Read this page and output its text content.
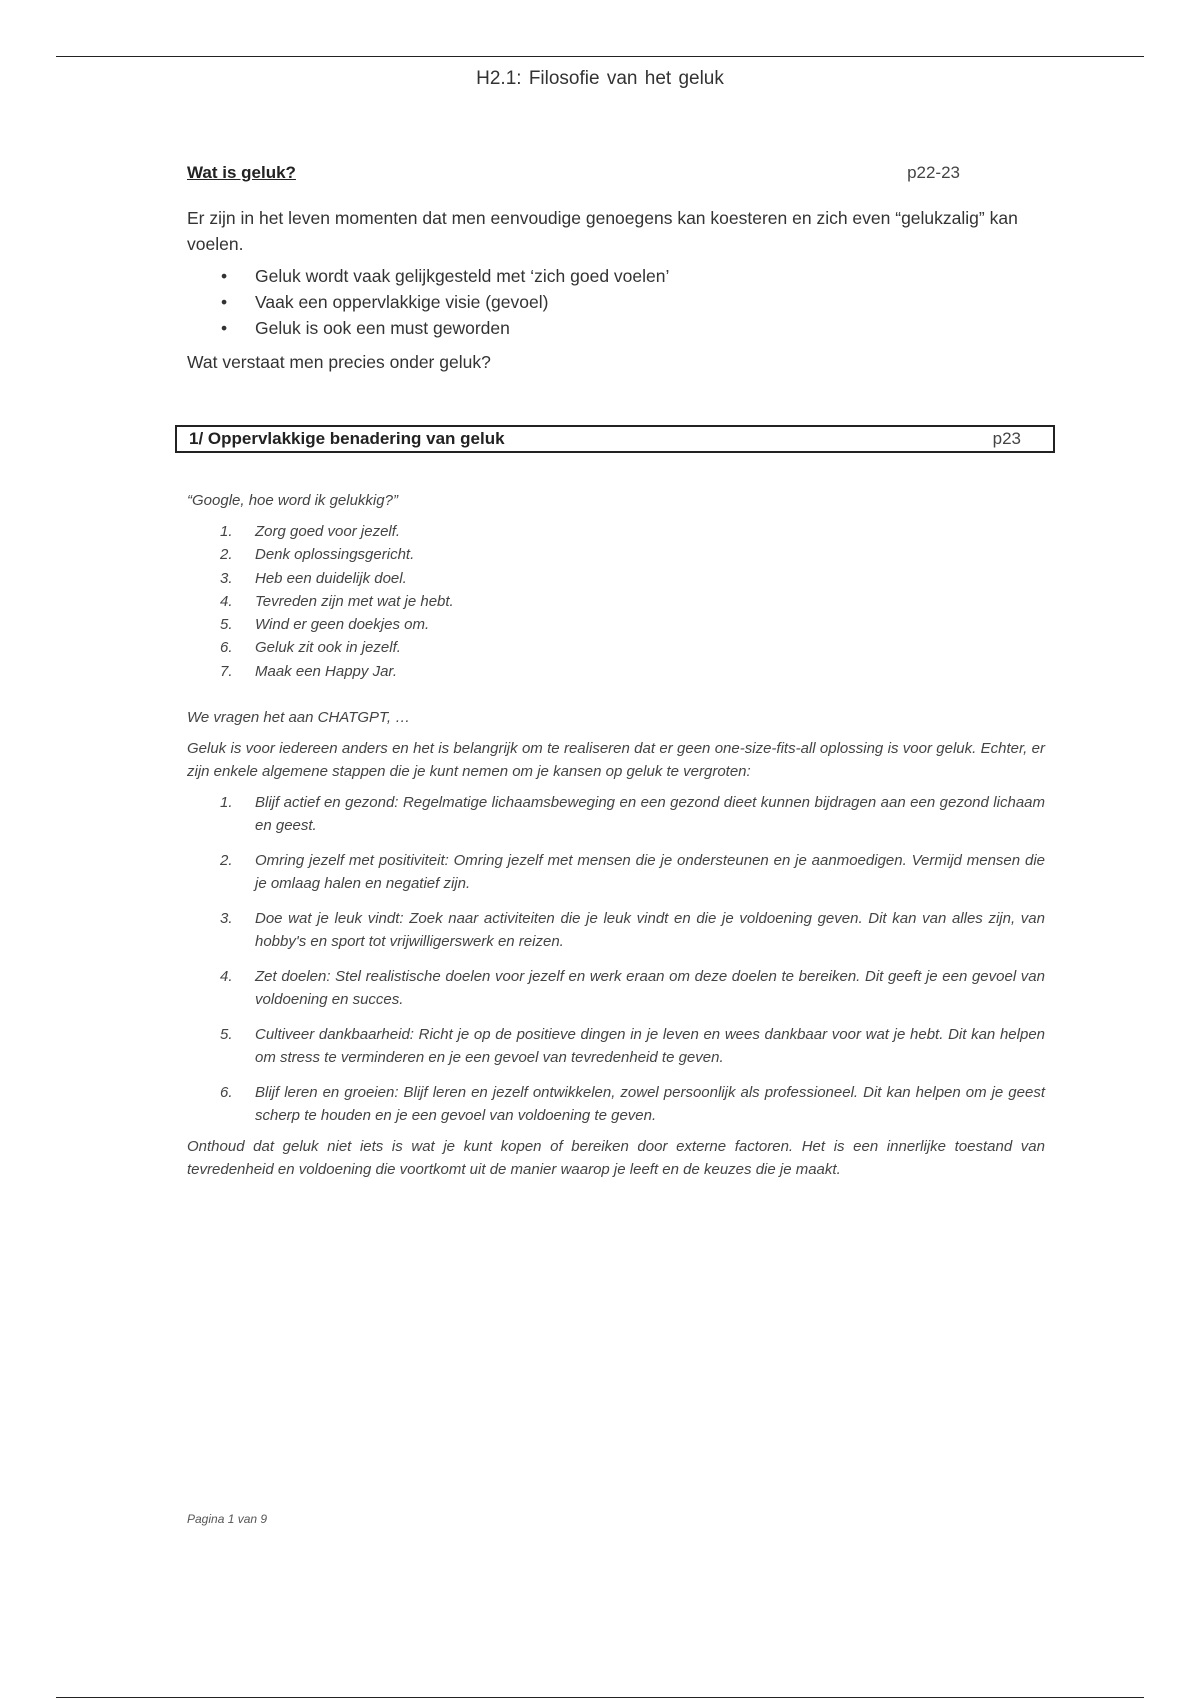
H2.1: Filosofie van het geluk
Wat is geluk?	p22-23
Er zijn in het leven momenten dat men eenvoudige genoegens kan koesteren en zich even “gelukzalig” kan voelen.
• Geluk wordt vaak gelijkgesteld met ‘zich goed voelen’
• Vaak een oppervlakkige visie (gevoel)
• Geluk is ook een must geworden
Wat verstaat men precies onder geluk?
1/ Oppervlakkige benadering van geluk	p23
“Google, hoe word ik gelukkig?”
1. Zorg goed voor jezelf.
2. Denk oplossingsgericht.
3. Heb een duidelijk doel.
4. Tevreden zijn met wat je hebt.
5. Wind er geen doekjes om.
6. Geluk zit ook in jezelf.
7. Maak een Happy Jar.
We vragen het aan CHATGPT, …
Geluk is voor iedereen anders en het is belangrijk om te realiseren dat er geen one-size-fits-all oplossing is voor geluk. Echter, er zijn enkele algemene stappen die je kunt nemen om je kansen op geluk te vergroten:
1. Blijf actief en gezond: Regelmatige lichaamsbeweging en een gezond dieet kunnen bijdragen aan een gezond lichaam en geest.
2. Omring jezelf met positiviteit: Omring jezelf met mensen die je ondersteunen en je aanmoedigen. Vermijd mensen die je omlaag halen en negatief zijn.
3. Doe wat je leuk vindt: Zoek naar activiteiten die je leuk vindt en die je voldoening geven. Dit kan van alles zijn, van hobby's en sport tot vrijwilligerswerk en reizen.
4. Zet doelen: Stel realistische doelen voor jezelf en werk eraan om deze doelen te bereiken. Dit geeft je een gevoel van voldoening en succes.
5. Cultiveer dankbaarheid: Richt je op de positieve dingen in je leven en wees dankbaar voor wat je hebt. Dit kan helpen om stress te verminderen en je een gevoel van tevredenheid te geven.
6. Blijf leren en groeien: Blijf leren en jezelf ontwikkelen, zowel persoonlijk als professioneel. Dit kan helpen om je geest scherp te houden en je een gevoel van voldoening te geven.
Onthoud dat geluk niet iets is wat je kunt kopen of bereiken door externe factoren. Het is een innerlijke toestand van tevredenheid en voldoening die voortkomt uit de manier waarop je leeft en de keuzes die je maakt.
Pagina 1 van 9
